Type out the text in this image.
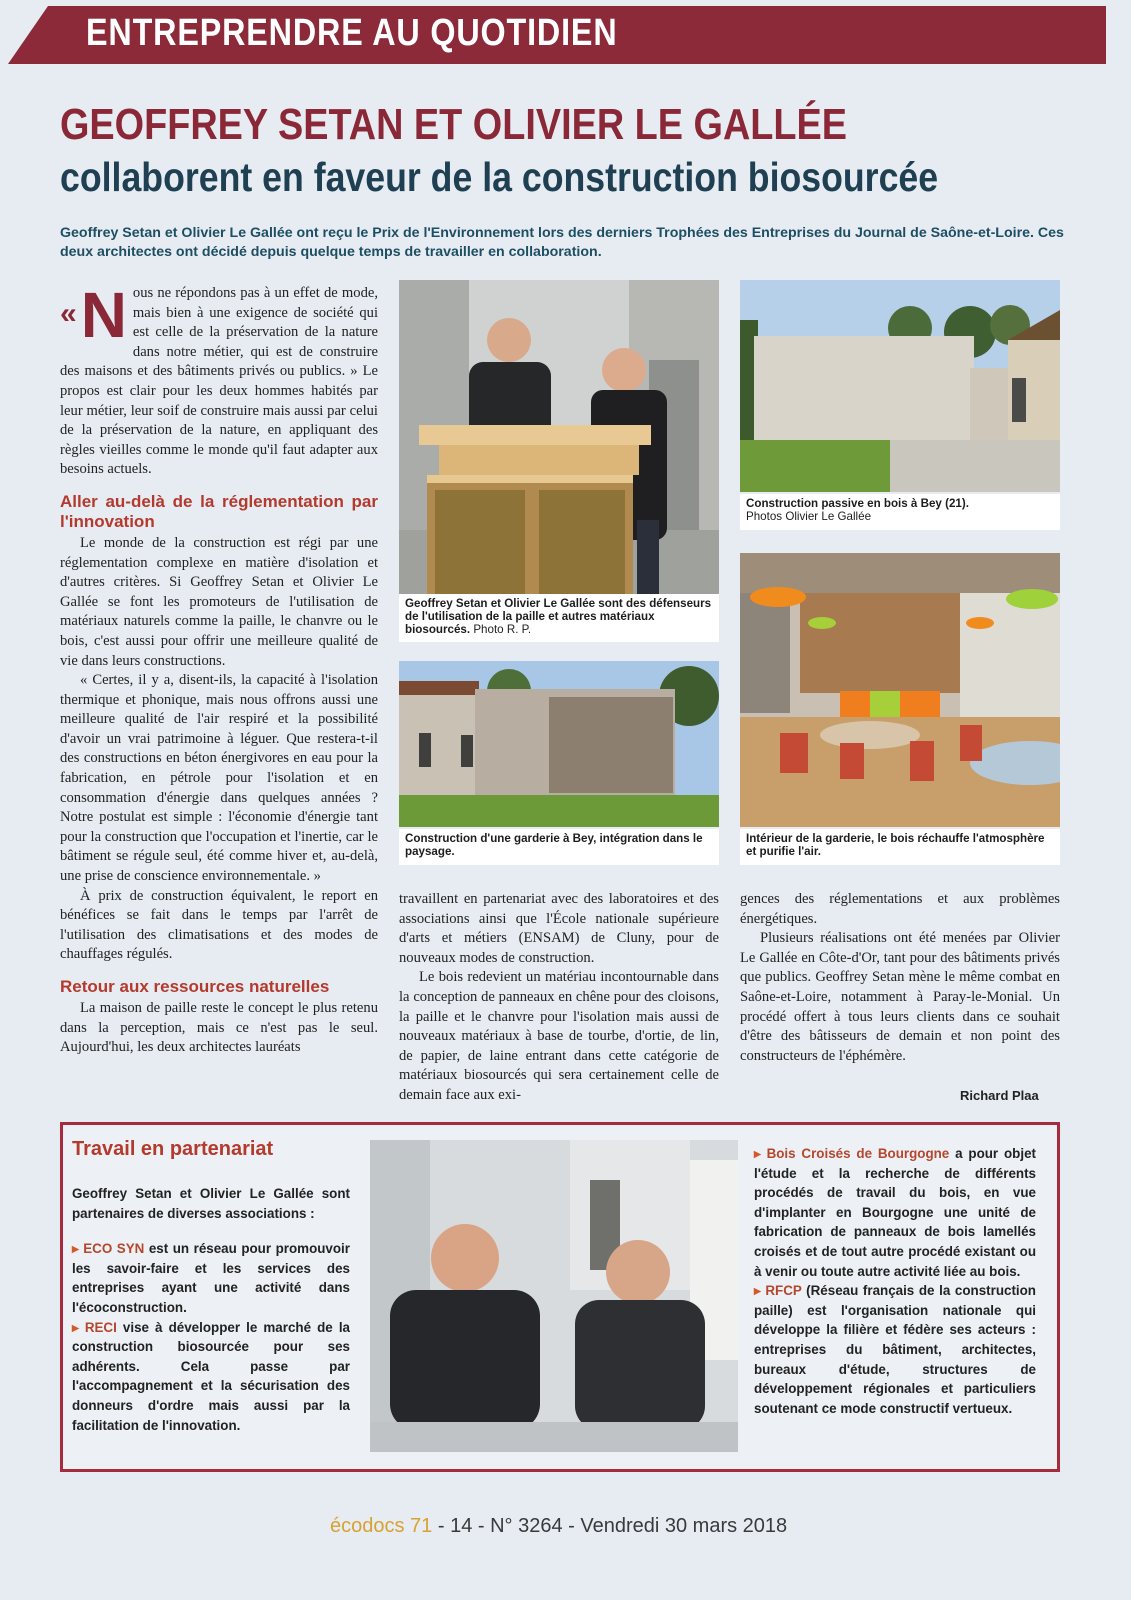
ENTREPRENDRE AU QUOTIDIEN
GEOFFREY SETAN ET OLIVIER LE GALLÉE
collaborent en faveur de la construction biosourcée
Geoffrey Setan et Olivier Le Gallée ont reçu le Prix de l'Environnement lors des derniers Trophées des Entreprises du Journal de Saône-et-Loire. Ces deux architectes ont décidé depuis quelque temps de travailler en collaboration.

« N ous ne répondons pas à un effet de mode, mais bien à une exigence de société qui est celle de la préservation de la nature dans notre métier, qui est de construire des maisons et des bâtiments privés ou publics. » Le propos est clair pour les deux hommes habités par leur métier, leur soif de construire mais aussi par celui de la préservation de la nature, en appliquant des règles vieilles comme le monde qu'il faut adapter aux besoins actuels.

Aller au-delà de la réglementation par l'innovation

Le monde de la construction est régi par une réglementation complexe en matière d'isolation et d'autres critères. Si Geoffrey Setan et Olivier Le Gallée se font les promoteurs de l'utilisation de matériaux naturels comme la paille, le chanvre ou le bois, c'est aussi pour offrir une meilleure qualité de vie dans leurs constructions.

« Certes, il y a, disent-ils, la capacité à l'isolation thermique et phonique, mais nous offrons aussi une meilleure qualité de l'air respiré et la possibilité d'avoir un vrai patrimoine à léguer. Que restera-t-il des constructions en béton énergivores en eau pour la fabrication, en pétrole pour l'isolation et en consommation d'énergie dans quelques années ? Notre postulat est simple : l'économie d'énergie tant pour la construction que l'occupation et l'inertie, car le bâtiment se régule seul, été comme hiver et, au-delà, une prise de conscience environnementale. »

À prix de construction équivalent, le report en bénéfices se fait dans le temps par l'arrêt de l'utilisation des climatisations et des modes de chauffages régulés.

Retour aux ressources naturelles

La maison de paille reste le concept le plus retenu dans la perception, mais ce n'est pas le seul. Aujourd'hui, les deux architectes lauréats

Geoffrey Setan et Olivier Le Gallée sont des défenseurs de l'utilisation de la paille et autres matériaux biosourcés. Photo R. P.
Construction passive en bois à Bey (21).
Photos Olivier Le Gallée
Construction d'une garderie à Bey, intégration dans le paysage.
Intérieur de la garderie, le bois réchauffe l'atmosphère et purifie l'air.

travaillent en partenariat avec des laboratoires et des associations ainsi que l'École nationale supérieure d'arts et métiers (ENSAM) de Cluny, pour de nouveaux modes de construction.

Le bois redevient un matériau incontournable dans la conception de panneaux en chêne pour des cloisons, la paille et le chanvre pour l'isolation mais aussi de nouveaux matériaux à base de tourbe, d'ortie, de lin, de papier, de laine entrant dans cette catégorie de matériaux biosourcés qui sera certainement celle de demain face aux exi-

gences des réglementations et aux problèmes énergétiques.

Plusieurs réalisations ont été menées par Olivier Le Gallée en Côte-d'Or, tant pour des bâtiments privés que publics. Geoffrey Setan mène le même combat en Saône-et-Loire, notamment à Paray-le-Monial. Un procédé offert à tous leurs clients dans ce souhait d'être des bâtisseurs de demain et non point des constructeurs de l'éphémère.

Richard Plaa
Travail en partenariat

Geoffrey Setan et Olivier Le Gallée sont partenaires de diverses associations :

▸ ECO SYN est un réseau pour promouvoir les savoir-faire et les services des entreprises ayant une activité dans l'écoconstruction.

▸ RECI vise à développer le marché de la construction biosourcée pour ses adhérents. Cela passe par l'accompagnement et la sécurisation des donneurs d'ordre mais aussi par la facilitation de l'innovation.

▸ Bois Croisés de Bourgogne a pour objet l'étude et la recherche de différents procédés de travail du bois, en vue d'implanter en Bourgogne une unité de fabrication de panneaux de bois lamellés croisés et de tout autre procédé existant ou à venir ou toute autre activité liée au bois.

▸ RFCP (Réseau français de la construction paille) est l'organisation nationale qui développe la filière et fédère ses acteurs : entreprises du bâtiment, architectes, bureaux d'étude, structures de développement régionales et particuliers soutenant ce mode constructif vertueux.

écodocs 71 - 14 - N° 3264 - Vendredi 30 mars 2018
